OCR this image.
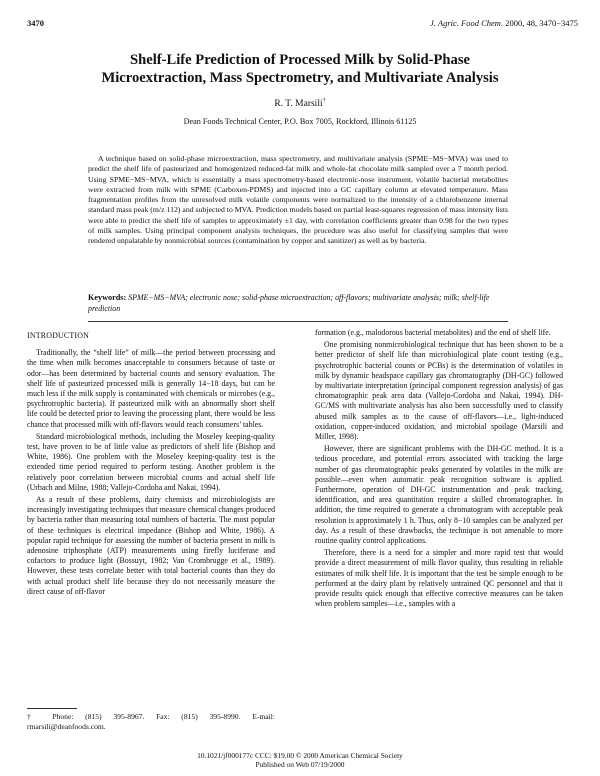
3470	J. Agric. Food Chem. 2000, 48, 3470−3475
Shelf-Life Prediction of Processed Milk by Solid-Phase
Microextraction, Mass Spectrometry, and Multivariate Analysis
R. T. Marsili†
Dean Foods Technical Center, P.O. Box 7005, Rockford, Illinois 61125
A technique based on solid-phase microextraction, mass spectrometry, and multivariate analysis (SPME−MS−MVA) was used to predict the shelf life of pasteurized and homogenized reduced-fat milk and whole-fat chocolate milk sampled over a 7 month period. Using SPME−MS−MVA, which is essentially a mass spectrometry-based electronic-nose instrument, volatile bacterial metabolites were extracted from milk with SPME (Carboxen-PDMS) and injected into a GC capillary column at elevated temperature. Mass fragmentation profiles from the unresolved milk volatile components were normalized to the intensity of a chlorobenzene internal standard mass peak (m/z 112) and subjected to MVA. Prediction models based on partial least-squares regression of mass intensity lists were able to predict the shelf life of samples to approximately ±1 day, with correlation coefficients greater than 0.98 for the two types of milk samples. Using principal component analysis techniques, the procedure was also useful for classifying samples that were rendered unpalatable by nonmicrobial sources (contamination by copper and sanitizer) as well as by bacteria.
Keywords: SPME−MS−MVA; electronic nose; solid-phase microextraction; off-flavors; multivariate analysis; milk; shelf-life prediction
INTRODUCTION

Traditionally, the “shelf life” of milk—the period between processing and the time when milk becomes unacceptable to consumers because of taste or odor—has been determined by bacterial counts and sensory evaluation. The shelf life of pasteurized processed milk is generally 14−18 days, but can be much less if the milk supply is contaminated with chemicals or microbes (e.g., psychrotrophic bacteria). If pasteurized milk with an abnormally short shelf life could be detected prior to leaving the processing plant, there would be less chance that processed milk with off-flavors would reach consumers’ tables.

Standard microbiological methods, including the Moseley keeping-quality test, have proven to be of little value as predictors of shelf life (Bishop and White, 1986). One problem with the Moseley keeping-quality test is the extended time period required to perform testing. Another problem is the relatively poor correlation between microbial counts and actual shelf life (Urbach and Milne, 1988; Vallejo-Cordoba and Nakai, 1994).

As a result of these problems, dairy chemists and microbiologists are increasingly investigating techniques that measure chemical changes produced by bacteria rather than measuring total numbers of bacteria. The most popular of these techniques is electrical impedance (Bishop and White, 1986). A popular rapid technique for assessing the number of bacteria present in milk is adenosine triphosphate (ATP) measurements using firefly luciferase and cofactors to produce light (Bossuyt, 1982; Van Crombrugge et al., 1989). However, these tests correlate better with total bacterial counts than they do with actual product shelf life because they do not necessarily measure the direct cause of off-flavor

† Phone: (815) 395-8967. Fax: (815) 395-8990. E-mail: rmarsili@deanfoods.com.

formation (e.g., malodorous bacterial metabolites) and the end of shelf life.

One promising nonmicrobiological technique that has been shown to be a better predictor of shelf life than microbiological plate count testing (e.g., psychrotrophic bacterial counts or PCBs) is the determination of volatiles in milk by dynamic headspace capillary gas chromatography (DH-GC) followed by multivariate interpretation (principal component regression analysis) of gas chromatographic peak area data (Vallejo-Cordoba and Nakai, 1994). DH-GC/MS with multivariate analysis has also been successfully used to classify abused milk samples as to the cause of off-flavors—i.e., light-induced oxidation, copper-induced oxidation, and microbial spoilage (Marsili and Miller, 1998).

However, there are significant problems with the DH-GC method. It is a tedious procedure, and potential errors associated with tracking the large number of gas chromatographic peaks generated by volatiles in the milk are possible—even when automatic peak recognition software is applied. Furthermore, operation of DH-GC instrumentation and peak tracking, identification, and area quantitation require a skilled chromatographer. In addition, the time required to generate a chromatogram with acceptable peak resolution is approximately 1 h. Thus, only 8−10 samples can be analyzed per day. As a result of these drawbacks, the technique is not amenable to more routine quality control applications.

Therefore, there is a need for a simpler and more rapid test that would provide a direct measurement of milk flavor quality, thus resulting in reliable estimates of milk shelf life. It is important that the test be simple enough to be performed at the dairy plant by relatively untrained QC personnel and that it provide results quick enough that effective corrective measures can be taken when problem samples—i.e., samples with a

10.1021/jf000177c CCC: $19.00 © 2000 American Chemical Society
Published on Web 07/19/2000
